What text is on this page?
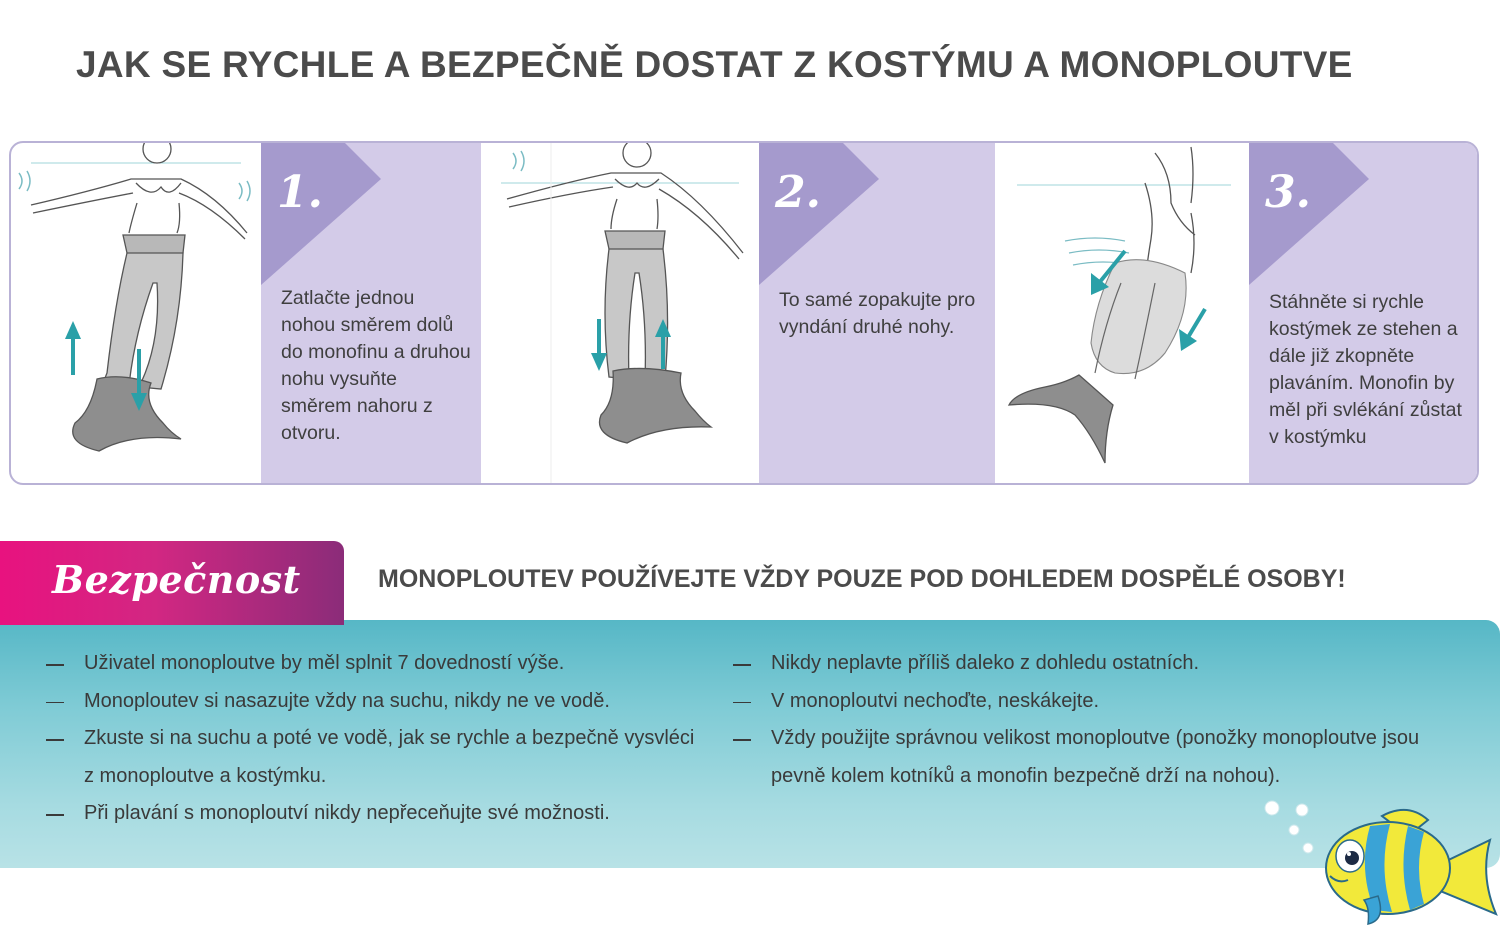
JAK SE RYCHLE A BEZPEČNĚ DOSTAT Z KOSTÝMU A MONOPLOUTVE
1.
Zatlačte jednou nohou směrem dolů do monofinu a druhou nohu vysuňte směrem nahoru z otvoru.
2.
To samé zopakujte pro vyndání druhé nohy.
3.
Stáhněte si rychle kostýmek ze stehen a dále již zkopněte plaváním. Monofin by měl při svlékání zůstat v kostýmku
Bezpečnost	MONOPLOUTEV POUŽÍVEJTE VŽDY POUZE POD DOHLEDEM DOSPĚLÉ OSOBY!
Uživatel monoploutve by měl splnit 7 dovedností výše.
Monoploutev si nasazujte vždy na suchu, nikdy ne ve vodě.
Zkuste si na suchu a poté ve vodě, jak se rychle a bezpečně vysvléci z monoploutve a kostýmku.
Při plavání s monoploutví nikdy nepřeceňujte své možnosti.
Nikdy neplavte příliš daleko z dohledu ostatních.
V monoploutvi nechoďte, neskákejte.
Vždy použijte správnou velikost monoploutve (ponožky monoploutve jsou pevně kolem kotníků a monofin bezpečně drží na nohou).
